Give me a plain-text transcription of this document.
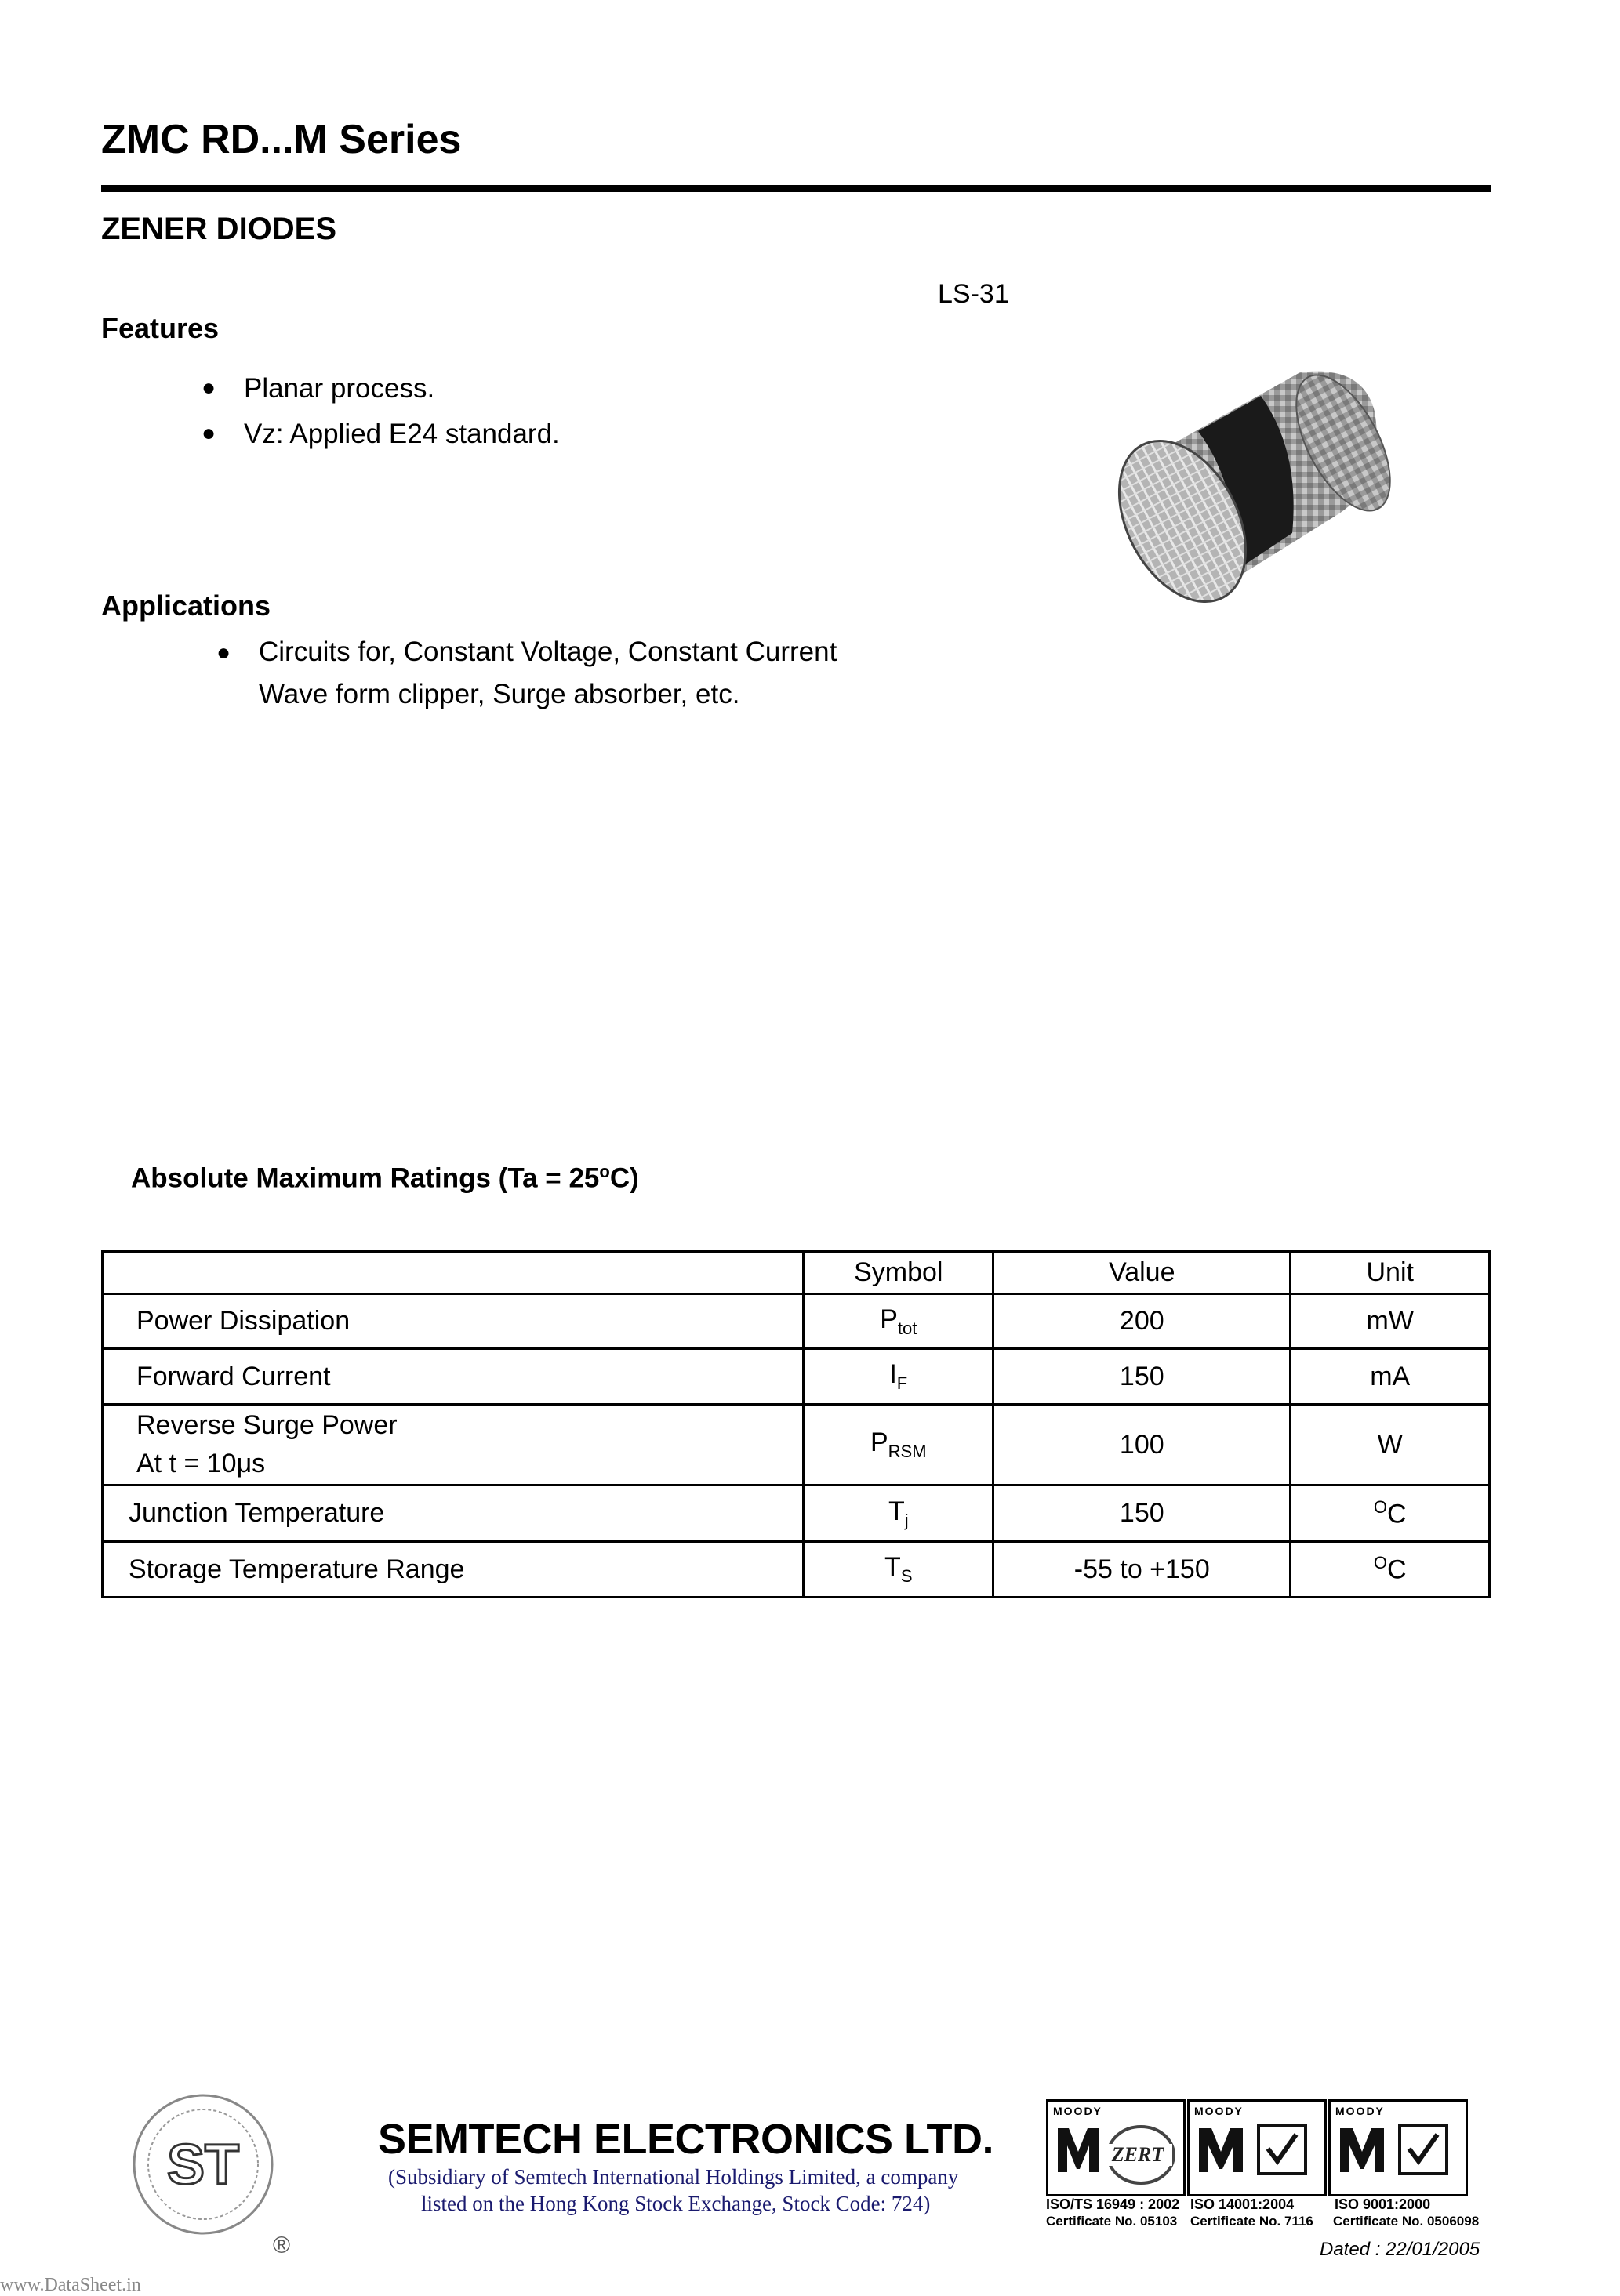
ZMC RD...M Series
ZENER DIODES
LS-31
Features
● Planar process.
● Vz: Applied E24 standard.
Applications
● Circuits for, Constant Voltage, Constant Current
Wave form clipper, Surge absorber, etc.
Absolute Maximum Ratings $(Ta = 25^oC)$
	Symbol	Value	Unit
Power Dissipation	$P_{tot}$	200	mW
Forward Current	$I_F$	150	mA

Reverse Surge Power
At t = 10μs	$P_{RSM}$	100	W
Junction Temperature	$T_j$	150	$^O$C
Storage Temperature Range	$T_S$	-55 to +150	$^O$C
ST
®
SEMTECH ELECTRONICS LTD.
(Subsidiary of Semtech International Holdings Limited, a company
listed on the Hong Kong Stock Exchange, Stock Code: 724)
MOODY
ZERT
MOODY	MOODY
ISO/TS 16949 : 2002
Certificate No. 05103
ISO 14001:2004
Certificate No. 7116
ISO 9001:2000
Certificate No. 0506098
Dated : 22/01/2005
www.DataSheet.in
